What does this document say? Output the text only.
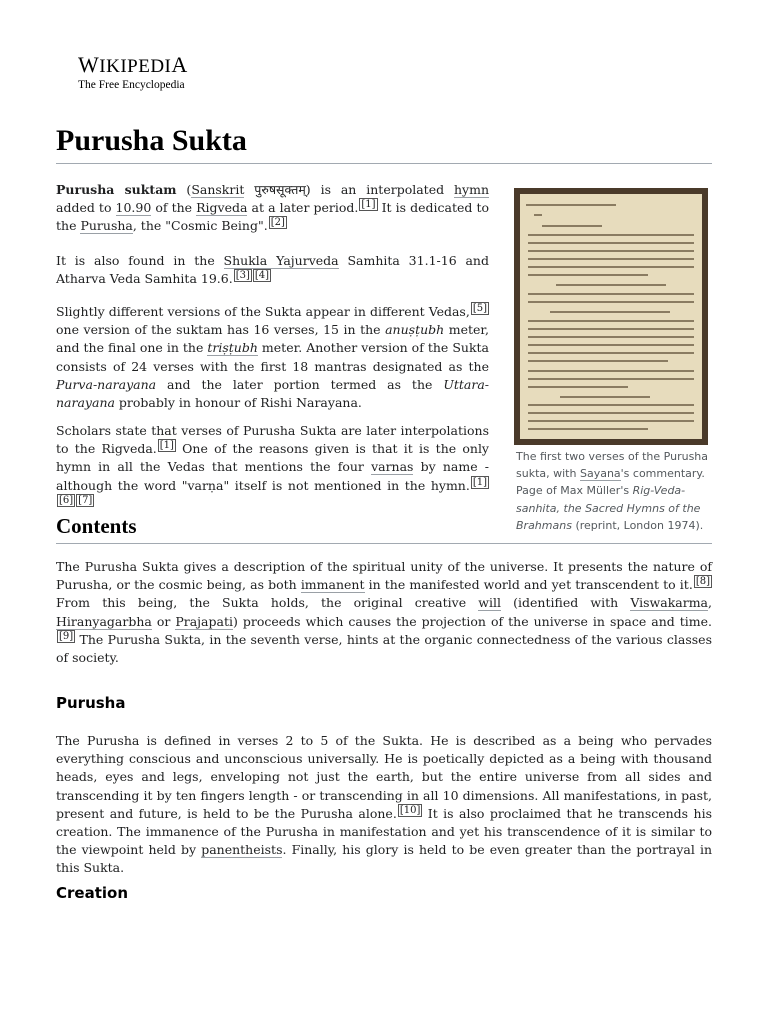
WIKIPEDIA
The Free Encyclopedia
Purusha Sukta

Purusha suktam (Sanskrit पुरुषसूक्तम्) is an interpolated hymn added to 10.90 of the Rigveda at a later period. [1] It is dedicated to the Purusha, the "Cosmic Being". [2]

It is also found in the Shukla Yajurveda Samhita 31.1-16 and Atharva Veda Samhita 19.6. [3] [4]

Slightly different versions of the Sukta appear in different Vedas, [5] one version of the suktam has 16 verses, 15 in the anuṣṭubh meter, and the final one in the triṣṭubh meter. Another version of the Sukta consists of 24 verses with the first 18 mantras designated as the Purva-narayana and the later portion termed as the Uttara-narayana probably in honour of Rishi Narayana.

Scholars state that verses of Purusha Sukta are later interpolations to the Rigveda. [1] One of the reasons given is that it is the only hymn in all the Vedas that mentions the four varnas by name - although the word "varṇa" itself is not mentioned in the hymn. [1][6] [7]

The first two verses of the Purusha sukta, with Sayana's commentary. Page of Max Müller's Rig-Veda-sanhita, the Sacred Hymns of the Brahmans (reprint, London 1974).

Contents

The Purusha Sukta gives a description of the spiritual unity of the universe. It presents the nature of Purusha, or the cosmic being, as both immanent in the manifested world and yet transcendent to it. [8] From this being, the Sukta holds, the original creative will (identified with Viswakarma, Hiranyagarbha or Prajapati) proceeds which causes the projection of the universe in space and time.[9] The Purusha Sukta, in the seventh verse, hints at the organic connectedness of the various classes of society.

Purusha

The Purusha is defined in verses 2 to 5 of the Sukta. He is described as a being who pervades everything conscious and unconscious universally. He is poetically depicted as a being with thousand heads, eyes and legs, enveloping not just the earth, but the entire universe from all sides and transcending it by ten fingers length - or transcending in all 10 dimensions. All manifestations, in past, present and future, is held to be the Purusha alone. [10] It is also proclaimed that he transcends his creation. The immanence of the Purusha in manifestation and yet his transcendence of it is similar to the viewpoint held by panentheists. Finally, his glory is held to be even greater than the portrayal in this Sukta.

Creation
